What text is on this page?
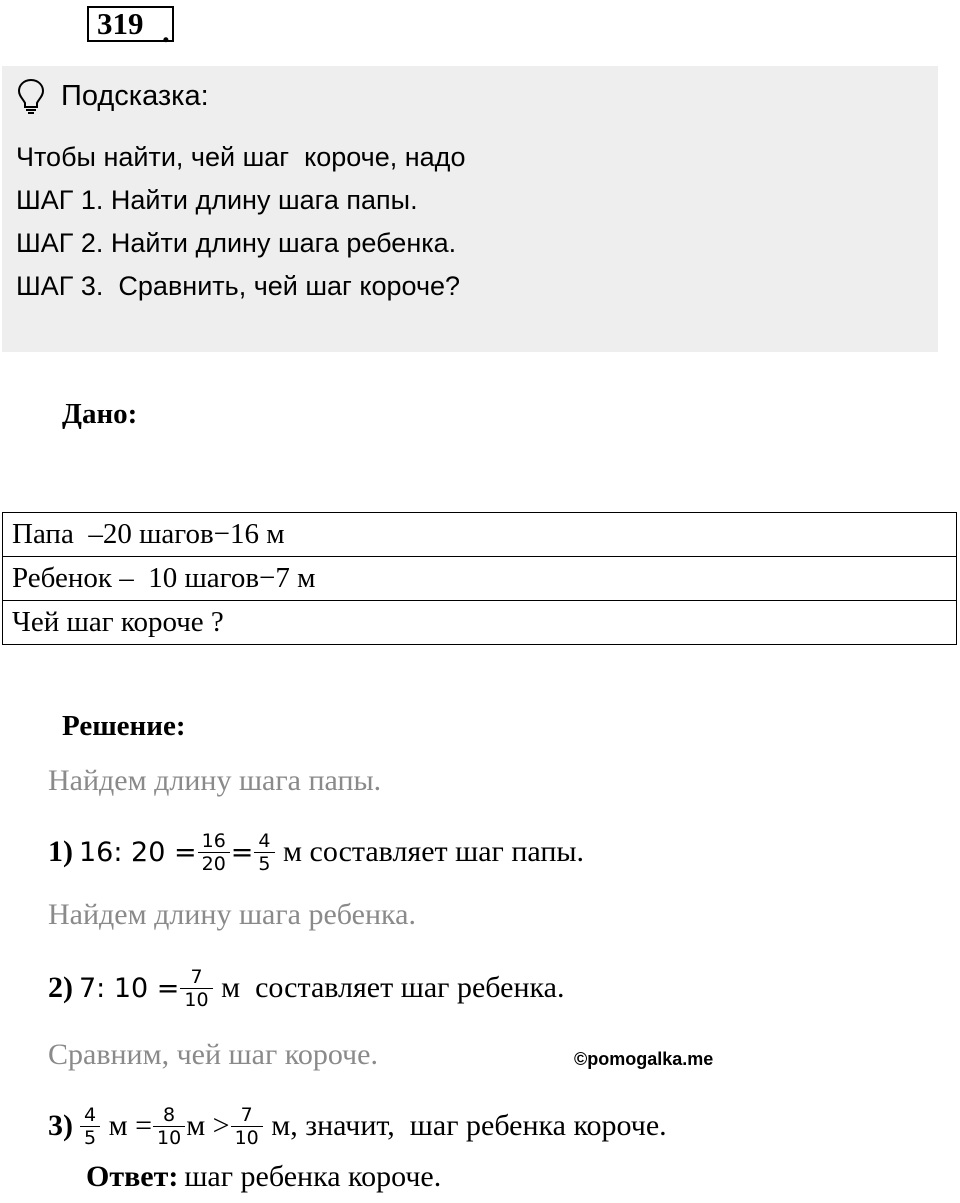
319 .
Подсказка:
Чтобы найти, чей шаг  короче, надо
ШАГ 1. Найти длину шага папы.
ШАГ 2. Найти длину шага ребенка.
ШАГ 3.  Сравнить, чей шаг короче?
Дано:
Папа  –20 шагов−16 м
Ребенок –  10 шагов−7 м
Чей шаг короче ?
Решение:
Найдем длину шага папы.
1) 16: $20 = \frac{16}{20} = \frac{4}{5}$ м составляет шаг папы.
Найдем длину шага ребенка.
2) 7: $10 = \frac{7}{10}$ м  составляет шаг ребенка.
Сравним, чей шаг короче.	©pomogalka.me
$3) \frac{4}{5}$ $м = \frac{8}{10}$ $м > \frac{7}{10} м$, значит,  шаг ребенка короче.
Ответ: шаг ребенка короче.
